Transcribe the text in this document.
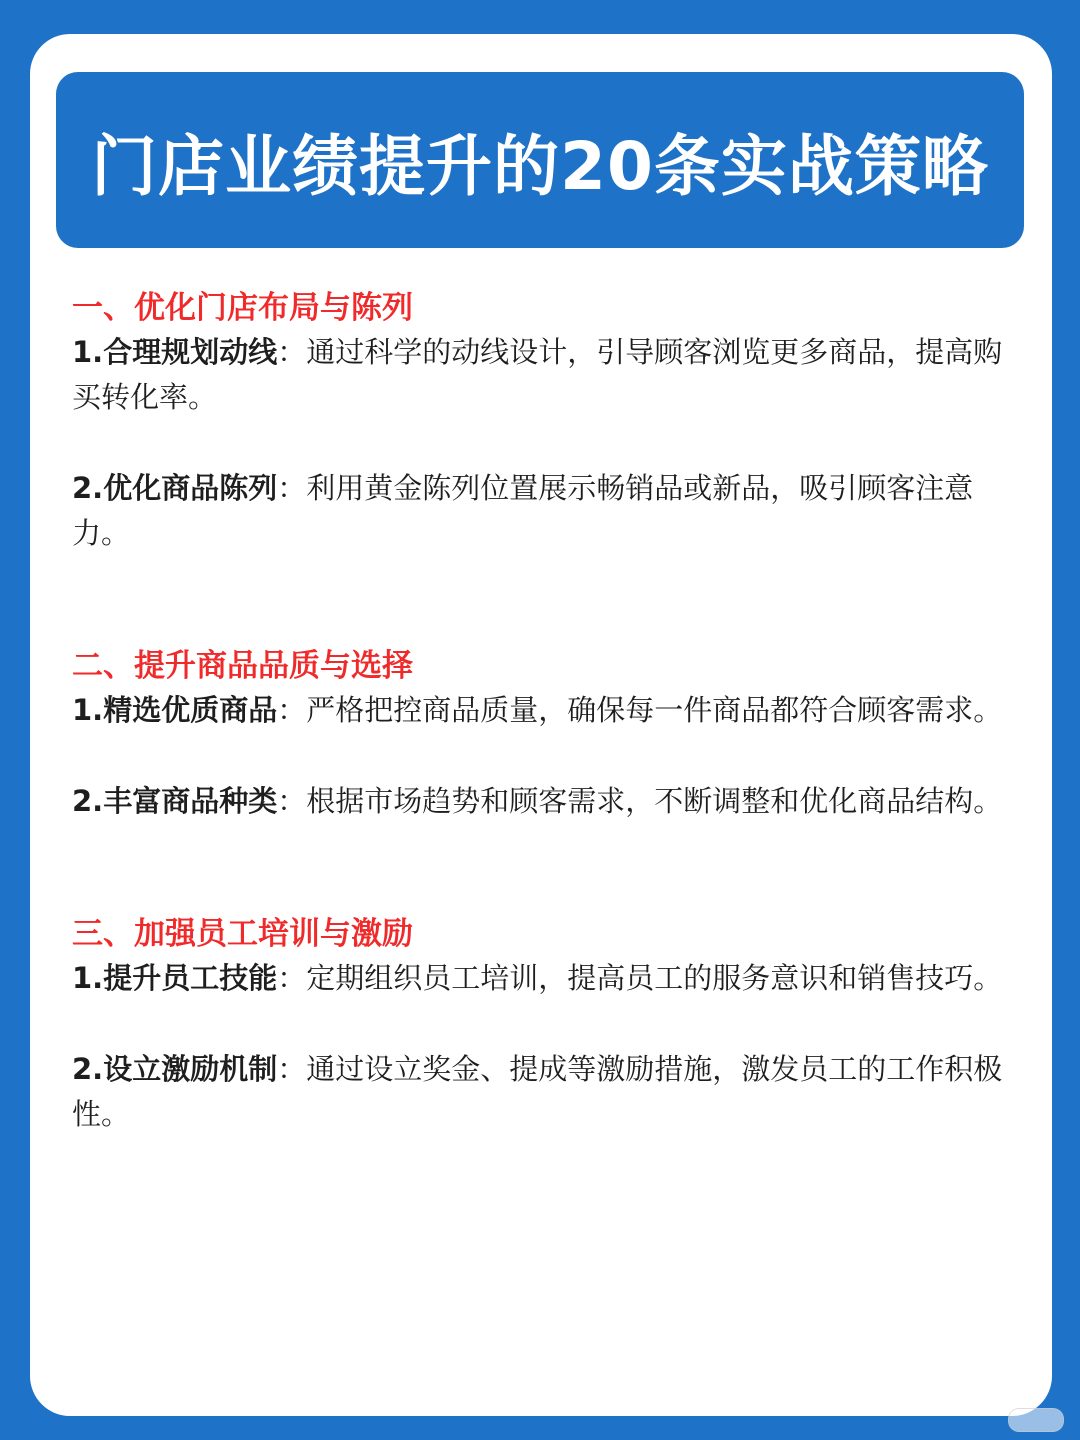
门店业绩提升的20条实战策略

一、优化门店布局与陈列

1.合理规划动线：通过科学的动线设计，引导顾客浏览更多商品，提高购买转化率。

2.优化商品陈列：利用黄金陈列位置展示畅销品或新品，吸引顾客注意力。

二、提升商品品质与选择

1.精选优质商品：严格把控商品质量，确保每一件商品都符合顾客需求。

2.丰富商品种类：根据市场趋势和顾客需求，不断调整和优化商品结构。

三、加强员工培训与激励

1.提升员工技能：定期组织员工培训，提高员工的服务意识和销售技巧。

2.设立激励机制：通过设立奖金、提成等激励措施，激发员工的工作积极性。
